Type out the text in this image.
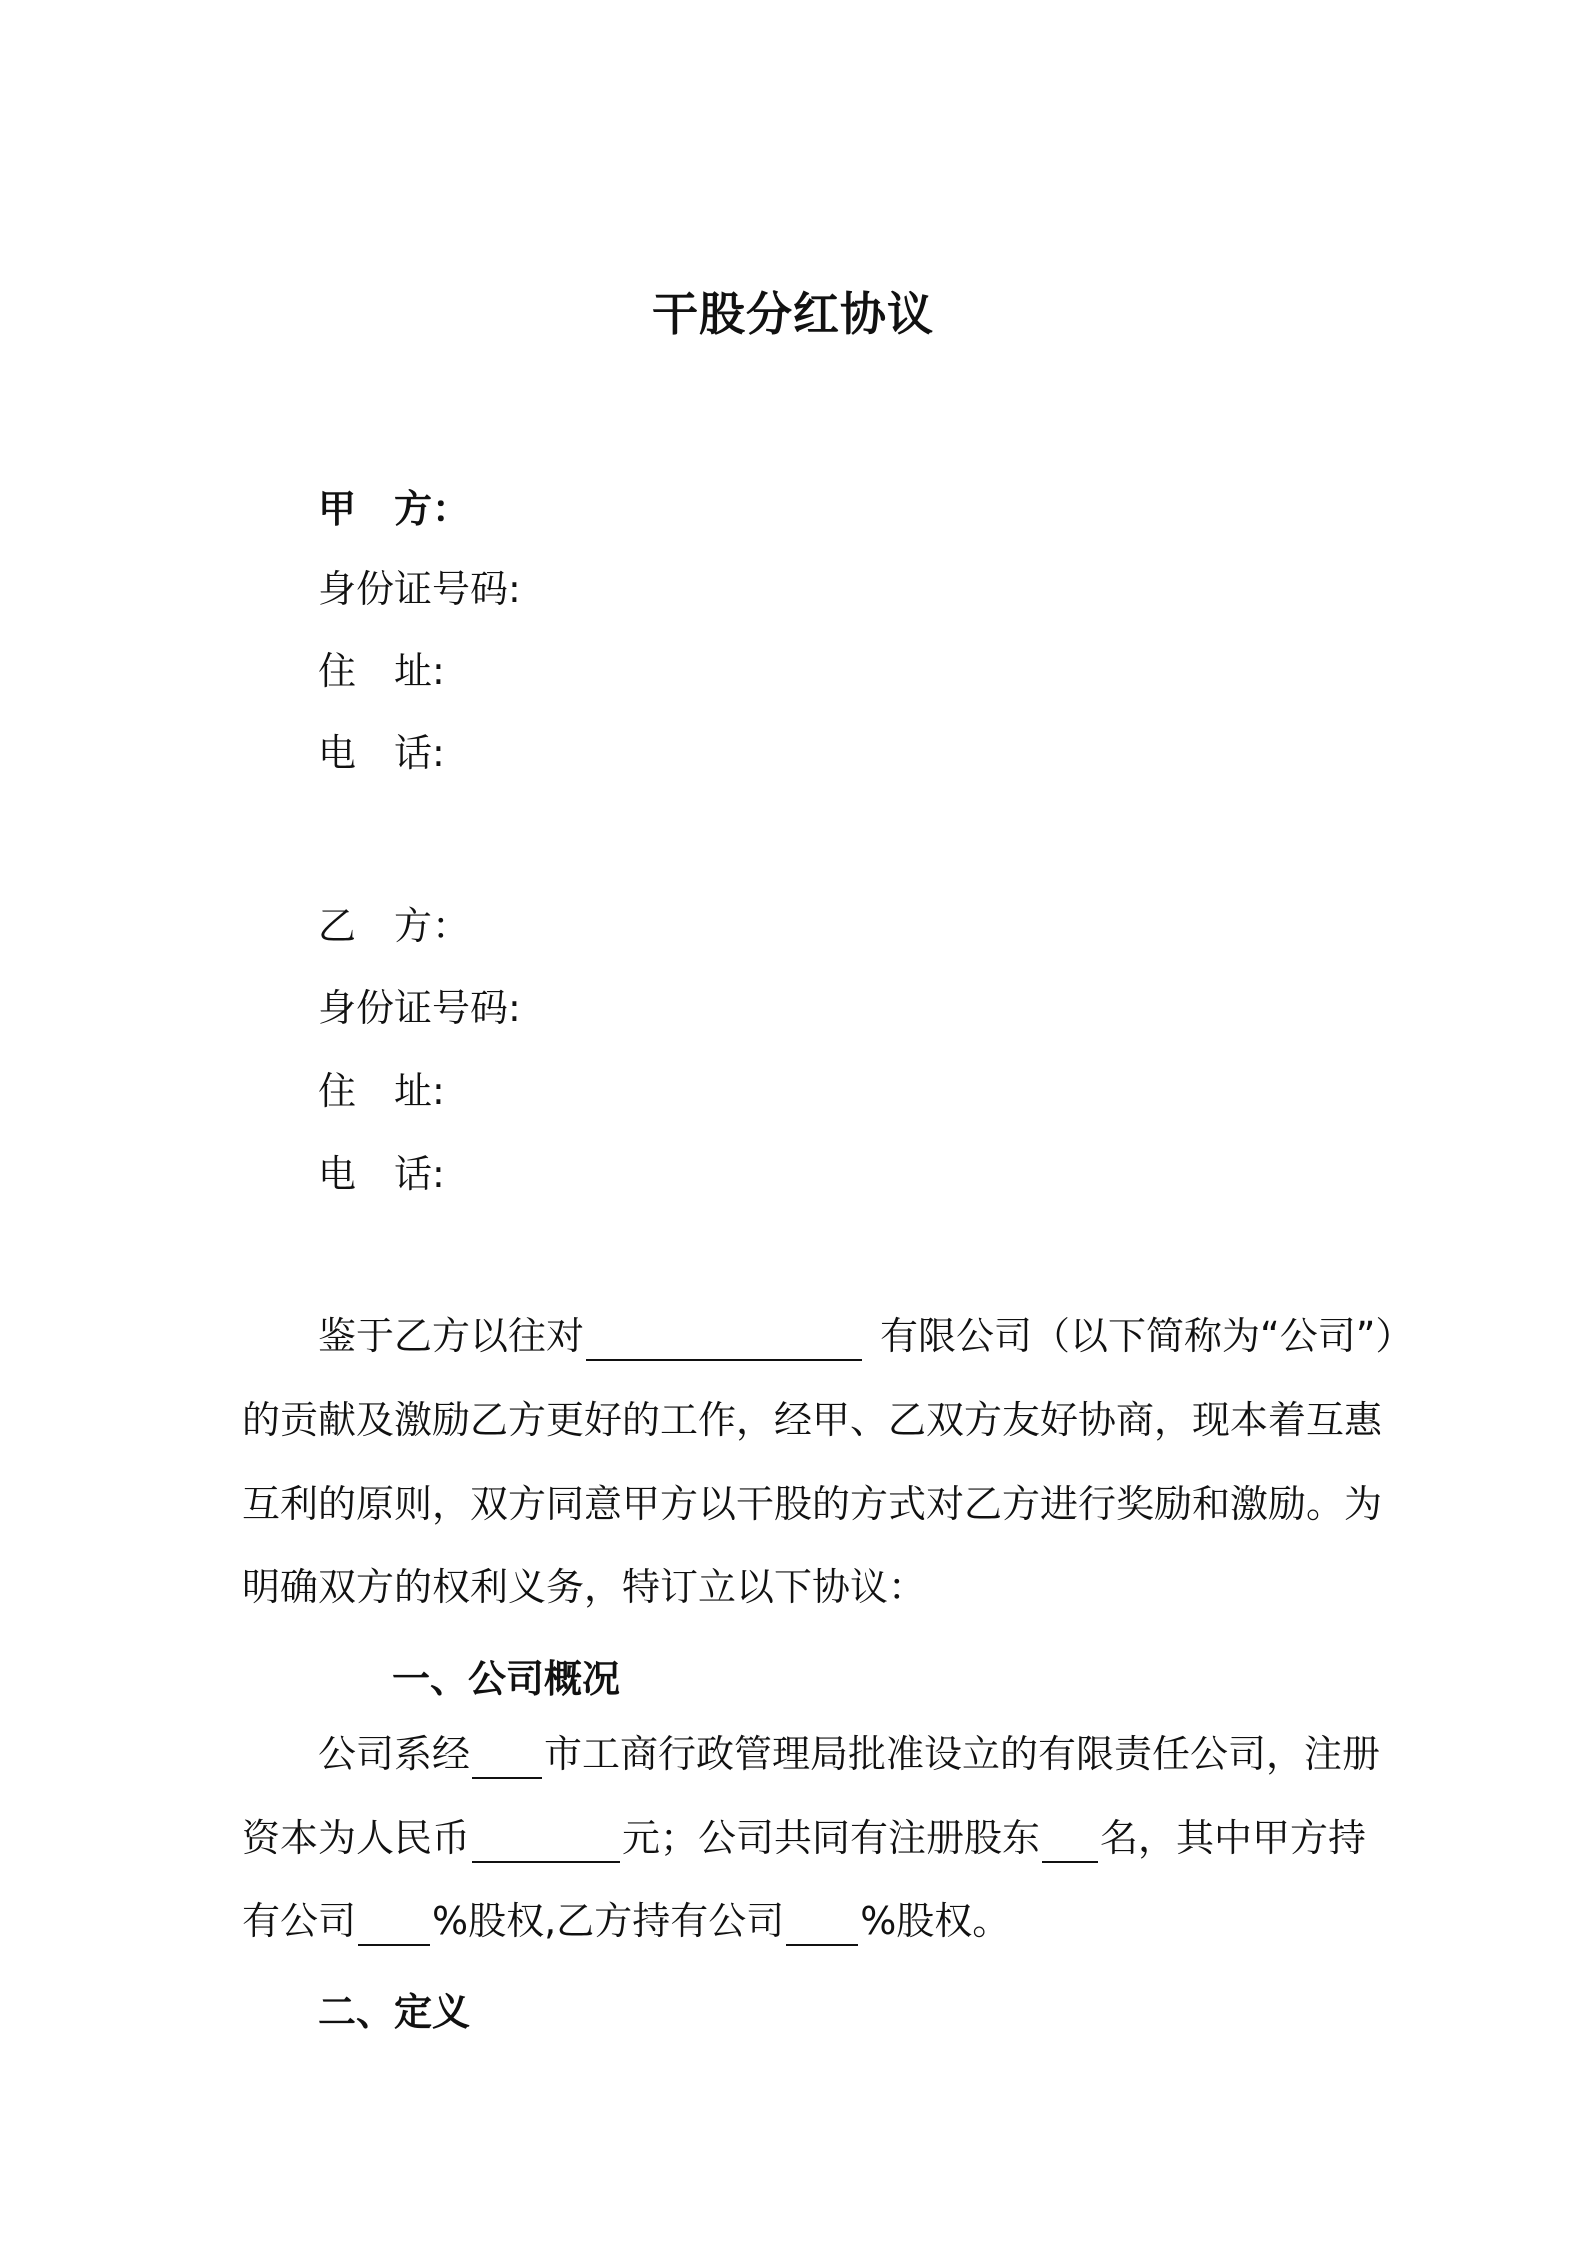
干股分红协议
甲　方：
身份证号码:
住　址:
电　话:
乙　方：
身份证号码:
住　址:
电　话:
鉴于乙方以往对	有限公司（以下简称为“公司”）
的贡献及激励乙方更好的工作，经甲、乙双方友好协商，现本着互惠
互利的原则，双方同意甲方以干股的方式对乙方进行奖励和激励。为
明确双方的权利义务，特订立以下协议：
一、公司概况
公司系经 市工商行政管理局批准设立的有限责任公司，注册
资本为人民币	元；公司共同有注册股东 名，其中甲方持
有公司 %股权,乙方持有公司 %股权。
二、定义
